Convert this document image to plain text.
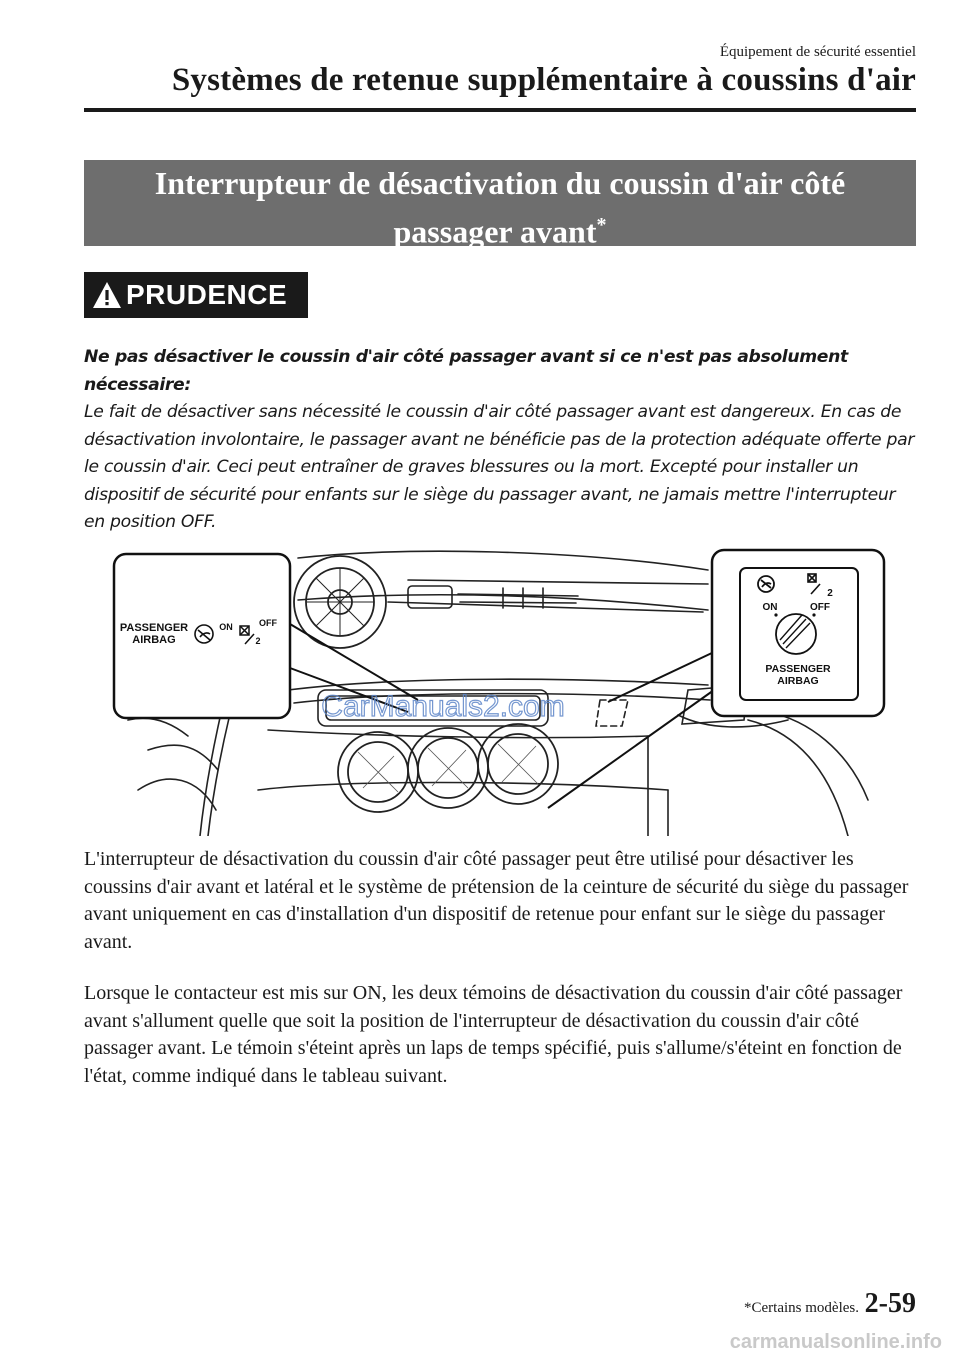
Équipement de sécurité essentiel
Systèmes de retenue supplémentaire à coussins d'air
Interrupteur de désactivation du coussin d'air côté
passager avant*
PRUDENCE
Ne pas désactiver le coussin d'air côté passager avant si ce n'est pas absolument nécessaire:
Le fait de désactiver sans nécessité le coussin d'air côté passager avant est dangereux. En cas de désactivation involontaire, le passager avant ne bénéficie pas de la protection adéquate offerte par le coussin d'air. Ceci peut entraîner de graves blessures ou la mort. Excepté pour installer un dispositif de sécurité pour enfants sur le siège du passager avant, ne jamais mettre l'interrupteur en position OFF.
PASSENGER
AIRBAG
ON	OFF
2
2
ON	OFF
PASSENGER
AIRBAG
CarManuals2.com
L'interrupteur de désactivation du coussin d'air côté passager peut être utilisé pour désactiver les coussins d'air avant et latéral et le système de prétension de la ceinture de sécurité du siège du passager avant uniquement en cas d'installation d'un dispositif de retenue pour enfant sur le siège du passager avant.
Lorsque le contacteur est mis sur ON, les deux témoins de désactivation du coussin d'air côté passager avant s'allument quelle que soit la position de l'interrupteur de désactivation du coussin d'air côté passager avant. Le témoin s'éteint après un laps de temps spécifié, puis s'allume/s'éteint en fonction de l'état, comme indiqué dans le tableau suivant.
*Certains modèles. 2-59
carmanualsonline.info
